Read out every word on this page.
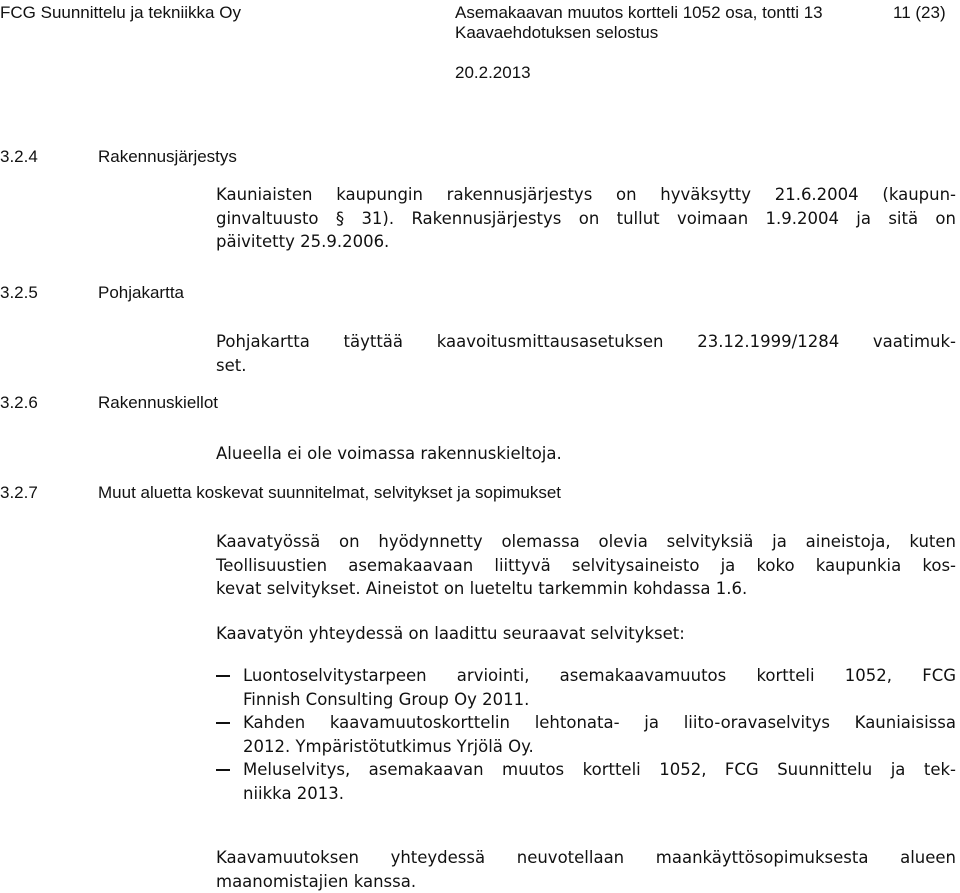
FCG Suunnittelu ja tekniikka Oy	Asemakaavan muutos kortteli 1052 osa, tontti 13	11 (23)
Kaavaehdotuksen selostus
20.2.2013
3.2.4	Rakennusjärjestys
Kauniaisten kaupungin rakennusjärjestys on hyväksytty 21.6.2004 (kaupun-
ginvaltuusto § 31). Rakennusjärjestys on tullut voimaan 1.9.2004 ja sitä on
päivitetty 25.9.2006.
3.2.5	Pohjakartta
Pohjakartta täyttää kaavoitusmittausasetuksen 23.12.1999/1284 vaatimuk-
set.
3.2.6	Rakennuskiellot
Alueella ei ole voimassa rakennuskieltoja.
3.2.7	Muut aluetta koskevat suunnitelmat, selvitykset ja sopimukset
Kaavatyössä on hyödynnetty olemassa olevia selvityksiä ja aineistoja, kuten
Teollisuustien asemakaavaan liittyvä selvitysaineisto ja koko kaupunkia kos-
kevat selvitykset. Aineistot on lueteltu tarkemmin kohdassa 1.6.
Kaavatyön yhteydessä on laadittu seuraavat selvitykset:
Luontoselvitystarpeen arviointi, asemakaavamuutos kortteli 1052, FCG
Finnish Consulting Group Oy 2011.
Kahden kaavamuutoskorttelin lehtonata- ja liito-oravaselvitys Kauniaisissa
2012. Ympäristötutkimus Yrjölä Oy.
Meluselvitys, asemakaavan muutos kortteli 1052, FCG Suunnittelu ja tek-
niikka 2013.
Kaavamuutoksen yhteydessä neuvotellaan maankäyttösopimuksesta alueen
maanomistajien kanssa.
